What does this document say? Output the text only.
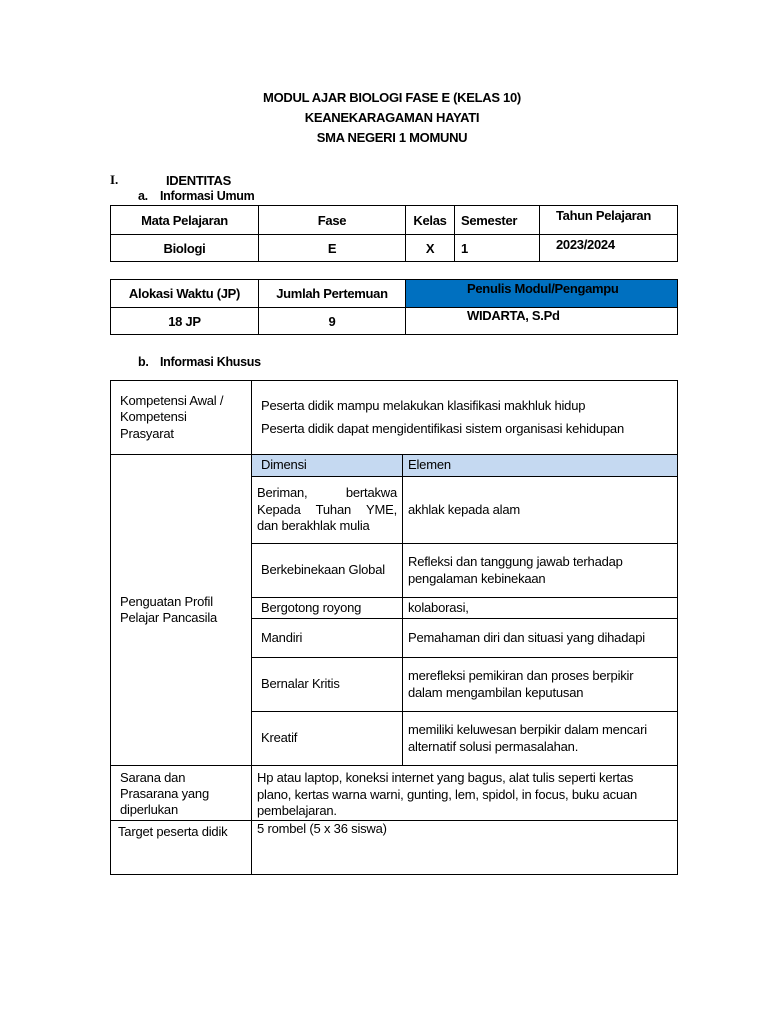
MODUL AJAR BIOLOGI FASE E (KELAS 10)
KEANEKARAGAMAN HAYATI
SMA NEGERI 1 MOMUNU
I.	IDENTITAS
a. Informasi Umum
Mata Pelajaran	Fase	Kelas	Semester	Tahun Pelajaran
Biologi	E	X	1	2023/2024
Alokasi Waktu (JP)	Jumlah Pertemuan	Penulis Modul/Pengampu
18 JP	9	WIDARTA, S.Pd
b. Informasi Khusus
Kompetensi Awal / Kompetensi Prasyarat	Peserta didik mampu melakukan klasifikasi makhluk hidup
Peserta didik dapat mengidentifikasi sistem organisasi kehidupan	

Penguatan Profil Pelajar Pancasila	Dimensi	Elemen
	Beriman, bertakwa Kepada Tuhan YME, dan berakhlak mulia	akhlak kepada alam
	Berkebinekaan Global	Refleksi dan tanggung jawab terhadap pengalaman kebinekaan
	Bergotong royong	kolaborasi,
	Mandiri	Pemahaman diri dan situasi yang dihadapi
	Bernalar Kritis	merefleksi pemikiran dan proses berpikir dalam mengambilan keputusan
	Kreatif	memiliki keluwesan berpikir dalam mencari alternatif solusi permasalahan.
Sarana dan Prasarana yang diperlukan	Hp atau laptop, koneksi internet yang bagus, alat tulis seperti kertas plano, kertas warna warni, gunting, lem, spidol, in focus, buku acuan pembelajaran.	
Target peserta didik	5 rombel (5 x 36 siswa)	
